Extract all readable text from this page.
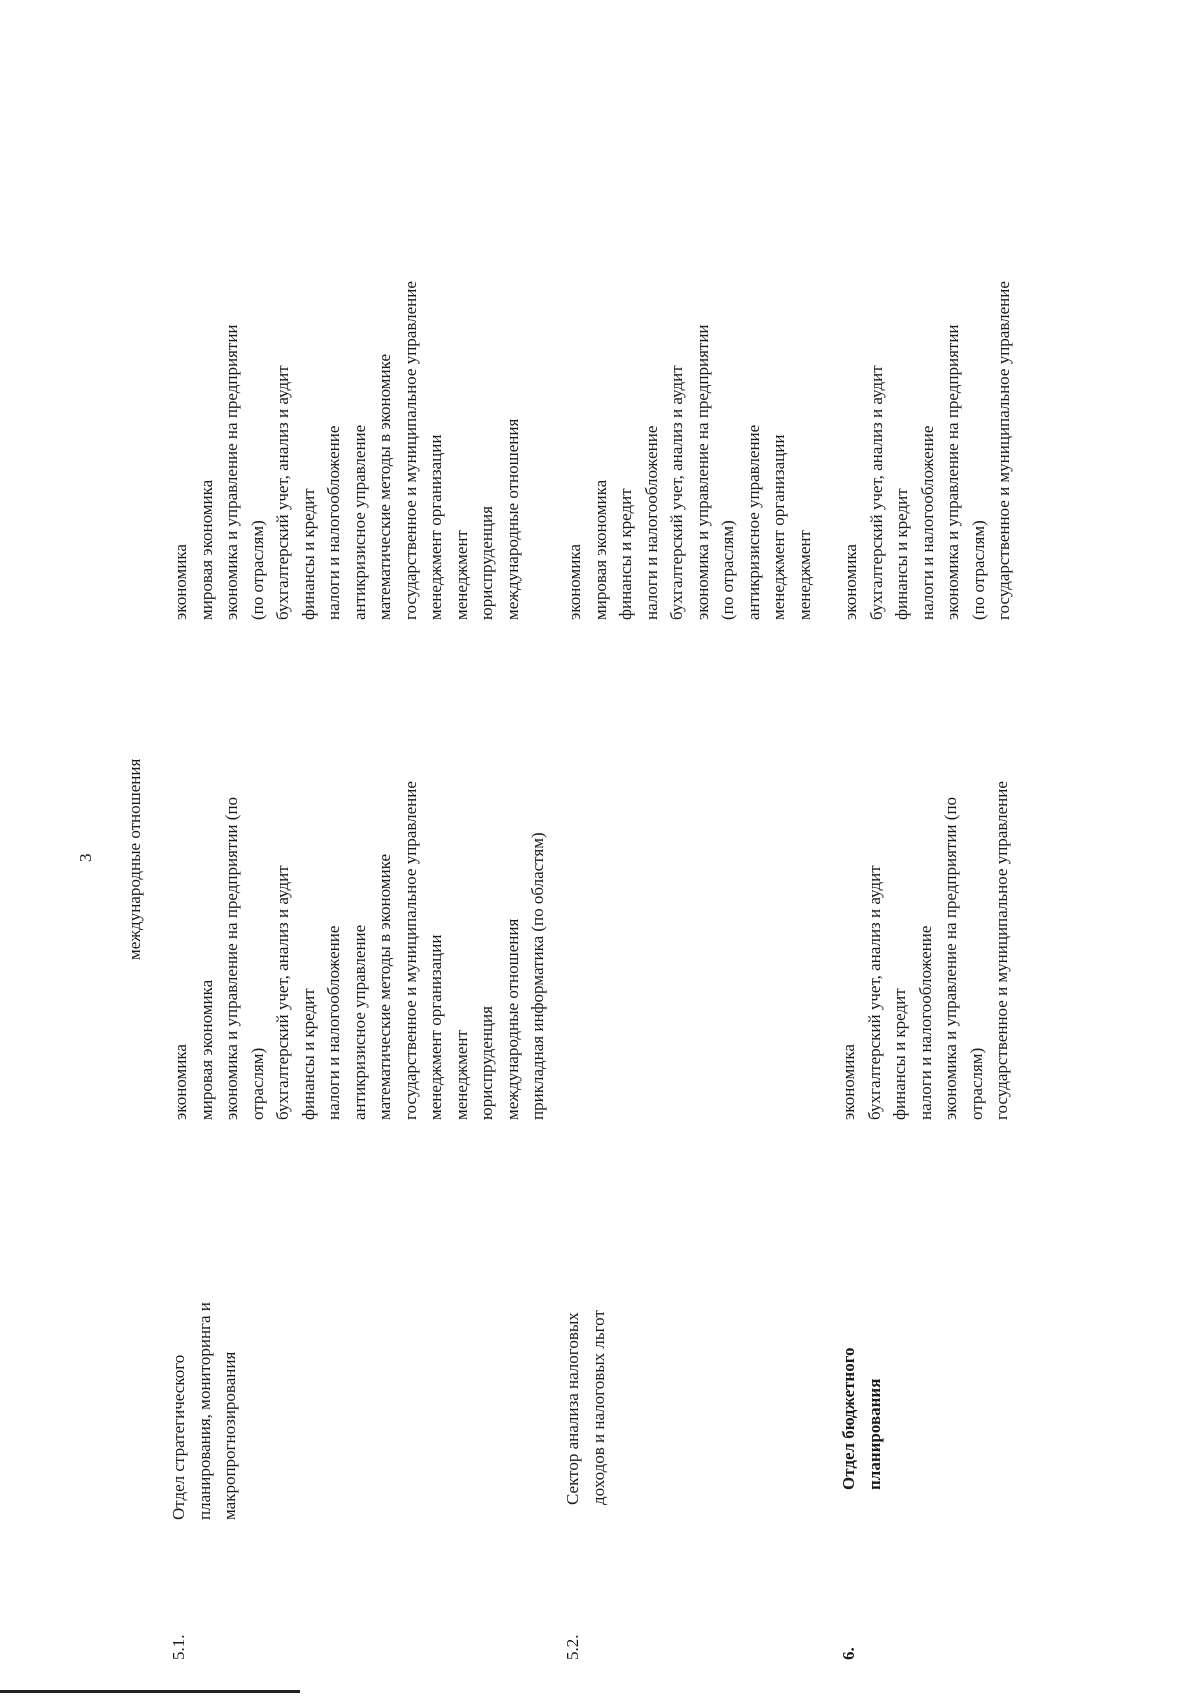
3 международные отношения
5.1.
Отдел стратегического планирования, мониторинга и макропрогнозирования
экономика мировая экономика экономика и управление на предприятии (по отраслям) бухгалтерский учет, анализ и аудит финансы и кредит налоги и налогообложение антикризисное управление математические методы в экономике государственное и муниципальное управление менеджмент организации менеджмент юриспруденция международные отношения прикладная информатика (по областям)
экономика мировая экономика экономика и управление на предприятии (по отраслям) бухгалтерский учет, анализ и аудит финансы и кредит налоги и налогообложение антикризисное управление математические методы в экономике государственное и муниципальное управление менеджмент организации менеджмент юриспруденция международные отношения
5.2.
Сектор анализа налоговых доходов и налоговых льгот
экономика мировая экономика финансы и кредит налоги и налогообложение бухгалтерский учет, анализ и аудит экономика и управление на предприятии (по отраслям) антикризисное управление менеджмент организации менеджмент
6.
Отдел бюджетного планирования
экономика бухгалтерский учет, анализ и аудит финансы и кредит налоги и налогообложение экономика и управление на предприятии (по отраслям) государственное и муниципальное управление
экономика бухгалтерский учет, анализ и аудит финансы и кредит налоги и налогообложение экономика и управление на предприятии (по отраслям) государственное и муниципальное управление
